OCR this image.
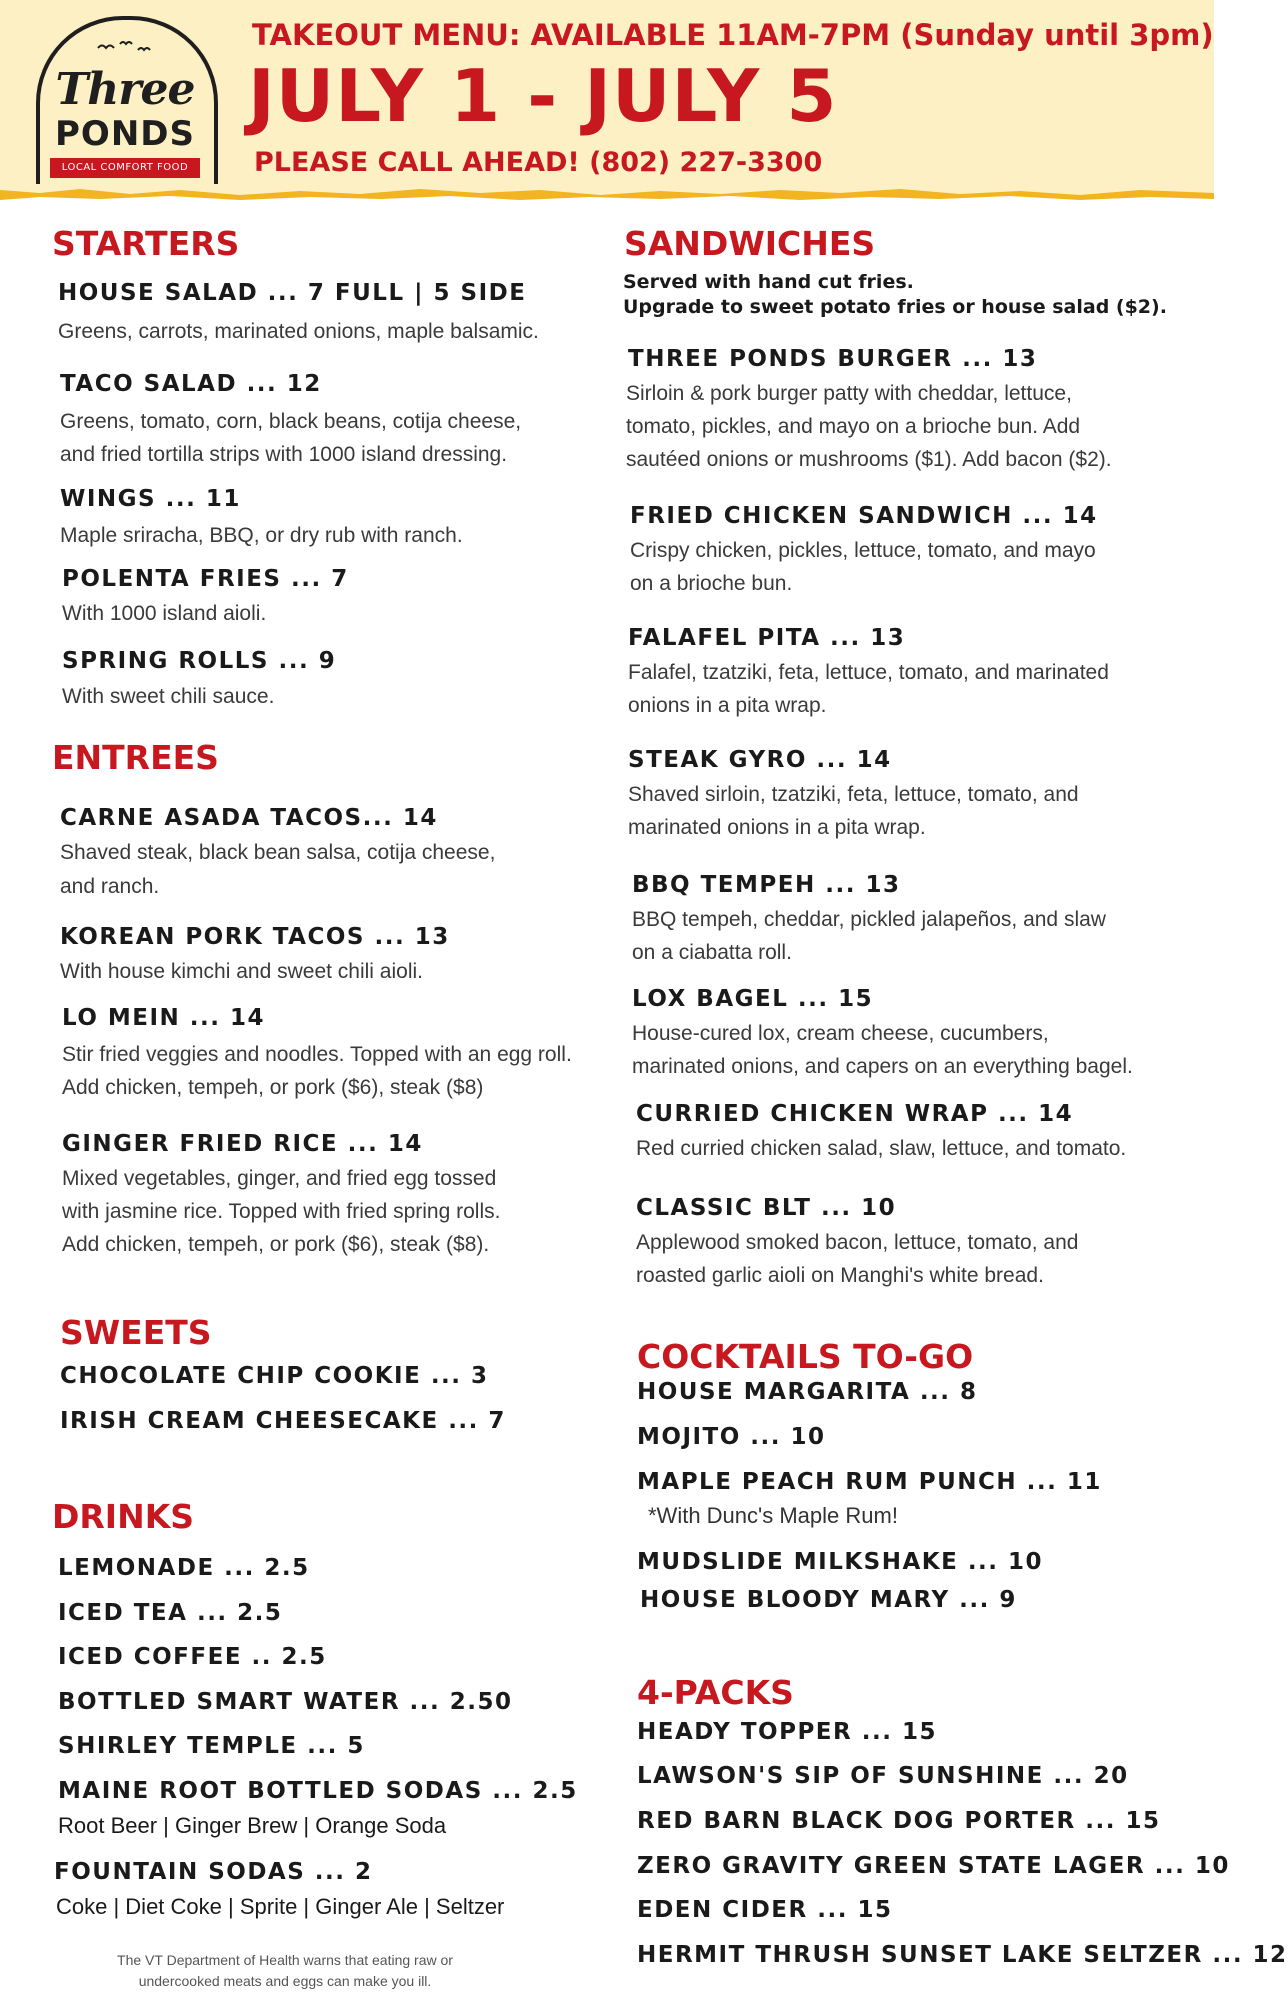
Three
PONDS
LOCAL COMFORT FOOD
TAKEOUT MENU: AVAILABLE 11AM-7PM (Sunday until 3pm)
JULY 1 - JULY 5
PLEASE CALL AHEAD! (802) 227-3300
STARTERS
HOUSE SALAD ... 7 FULL | 5 SIDE
Greens, carrots, marinated onions, maple balsamic.
TACO SALAD ... 12
Greens, tomato, corn, black beans, cotija cheese,
and fried tortilla strips with 1000 island dressing.
WINGS ... 11
Maple sriracha, BBQ, or dry rub with ranch.
POLENTA FRIES ... 7
With 1000 island aioli.
SPRING ROLLS ... 9
With sweet chili sauce.
ENTREES
CARNE ASADA TACOS... 14
Shaved steak, black bean salsa, cotija cheese,
and ranch.
KOREAN PORK TACOS ... 13
With house kimchi and sweet chili aioli.
LO MEIN ... 14
Stir fried veggies and noodles. Topped with an egg roll.
Add chicken, tempeh, or pork ($6), steak ($8)
GINGER FRIED RICE ... 14
Mixed vegetables, ginger, and fried egg tossed
with jasmine rice. Topped with fried spring rolls.
Add chicken, tempeh, or pork ($6), steak ($8).
SWEETS
CHOCOLATE CHIP COOKIE ... 3
IRISH CREAM CHEESECAKE ... 7
DRINKS
LEMONADE ... 2.5
ICED TEA ... 2.5
ICED COFFEE .. 2.5
BOTTLED SMART WATER ... 2.50
SHIRLEY TEMPLE ... 5
MAINE ROOT BOTTLED SODAS ... 2.5
Root Beer | Ginger Brew | Orange Soda
FOUNTAIN SODAS ... 2
Coke | Diet Coke | Sprite | Ginger Ale | Seltzer
The VT Department of Health warns that eating raw or
undercooked meats and eggs can make you ill.
SANDWICHES
Served with hand cut fries.
Upgrade to sweet potato fries or house salad ($2).
THREE PONDS BURGER ... 13
Sirloin & pork burger patty with cheddar, lettuce,
tomato, pickles, and mayo on a brioche bun. Add
sautéed onions or mushrooms ($1). Add bacon ($2).
FRIED CHICKEN SANDWICH ... 14
Crispy chicken, pickles, lettuce, tomato, and mayo
on a brioche bun.
FALAFEL PITA ... 13
Falafel, tzatziki, feta, lettuce, tomato, and marinated
onions in a pita wrap.
STEAK GYRO ... 14
Shaved sirloin, tzatziki, feta, lettuce, tomato, and
marinated onions in a pita wrap.
BBQ TEMPEH ... 13
BBQ tempeh, cheddar, pickled jalapeños, and slaw
on a ciabatta roll.
LOX BAGEL ... 15
House-cured lox, cream cheese, cucumbers,
marinated onions, and capers on an everything bagel.
CURRIED CHICKEN WRAP ... 14
Red curried chicken salad, slaw, lettuce, and tomato.
CLASSIC BLT ... 10
Applewood smoked bacon, lettuce, tomato, and
roasted garlic aioli on Manghi's white bread.
COCKTAILS TO-GO
HOUSE MARGARITA ... 8
MOJITO ... 10
MAPLE PEACH RUM PUNCH ... 11
*With Dunc's Maple Rum!
MUDSLIDE MILKSHAKE ... 10
HOUSE BLOODY MARY ... 9
4-PACKS
HEADY TOPPER ... 15
LAWSON'S SIP OF SUNSHINE ... 20
RED BARN BLACK DOG PORTER ... 15
ZERO GRAVITY GREEN STATE LAGER ... 10
EDEN CIDER ... 15
HERMIT THRUSH SUNSET LAKE SELTZER ... 12
